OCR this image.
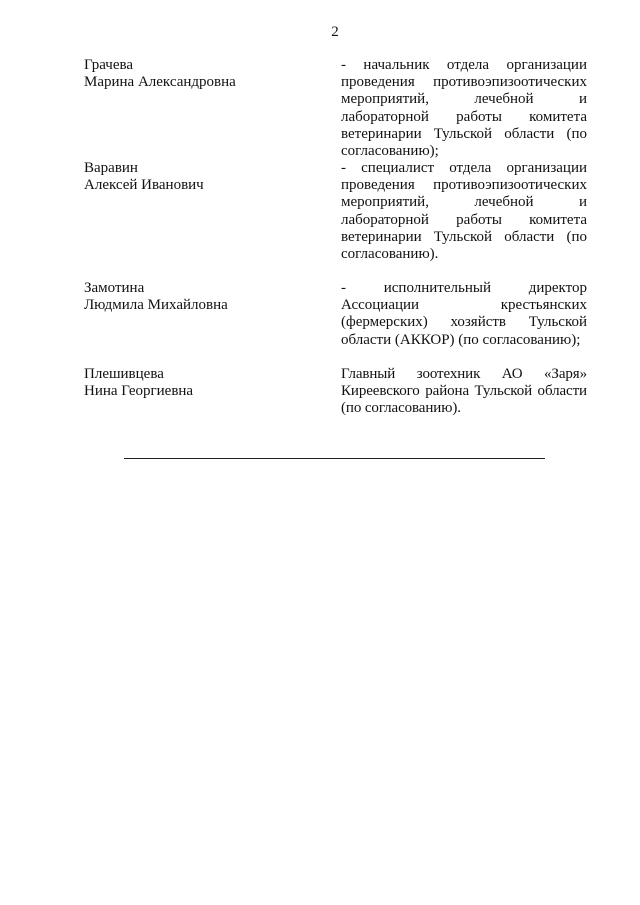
2
Грачева
Марина Александровна
- начальник отдела организации проведения противоэпизоотических мероприятий, лечебной и лабораторной работы комитета ветеринарии Тульской области (по согласованию);
Варавин
Алексей Иванович
- специалист отдела организации проведения противоэпизоотических мероприятий, лечебной и лабораторной работы комитета ветеринарии Тульской области (по согласованию).
Замотина
Людмила Михайловна
- исполнительный директор Ассоциации крестьянских (фермерских) хозяйств Тульской области (АККОР) (по согласованию);
Плешивцева
Нина Георгиевна
Главный зоотехник АО «Заря» Киреевского района Тульской области (по согласованию).
